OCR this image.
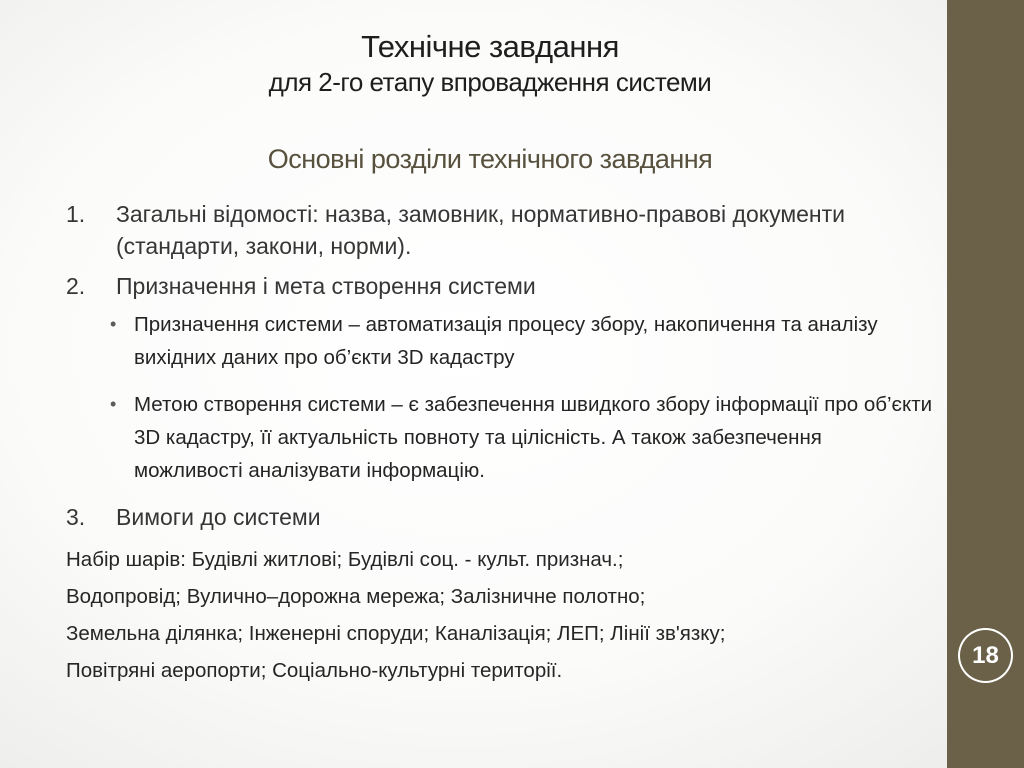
18
Технічне завдання
для 2-го етапу впровадження системи
Основні розділи технічного завдання
1. Загальні відомості: назва, замовник, нормативно-правові документи (стандарти, закони, норми).
2. Призначення і мета створення системи
• Призначення системи – автоматизація процесу збору, накопичення та аналізу вихідних даних про об’єкти 3D кадастру
• Метою створення системи – є забезпечення швидкого збору інформації про об’єкти 3D кадастру, її актуальність повноту та цілісність. А також забезпечення можливості аналізувати інформацію.
3. Вимоги до системи
Набір шарів: Будівлі житлові; Будівлі соц. - культ. признач.;
Водопровід; Вулично–дорожна мережа; Залізничне полотно;
Земельна ділянка; Інженерні споруди; Каналізація; ЛЕП; Лінії зв'язку;
Повітряні аеропорти; Соціально-культурні території.
